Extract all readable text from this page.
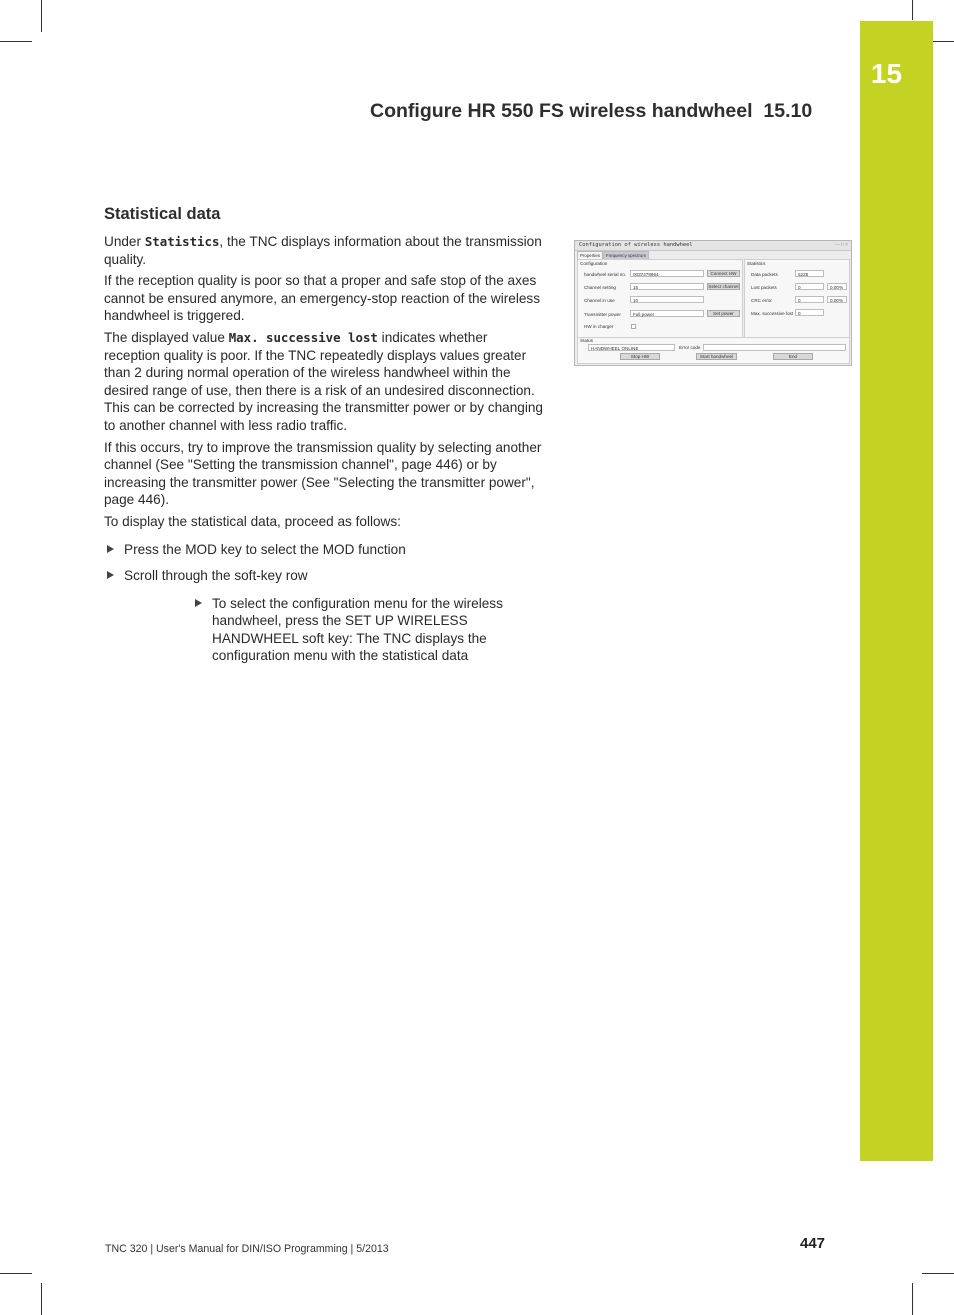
15
Configure HR 550 FS wireless handwheel 15.10
Statistical data

Under Statistics, the TNC displays information about the transmission quality.

If the reception quality is poor so that a proper and safe stop of the axes cannot be ensured anymore, an emergency-stop reaction of the wireless handwheel is triggered.

The displayed value Max. successive lost indicates whether reception quality is poor. If the TNC repeatedly displays values greater than 2 during normal operation of the wireless handwheel within the desired range of use, then there is a risk of an undesired disconnection. This can be corrected by increasing the transmitter power or by changing to another channel with less radio traffic.

If this occurs, try to improve the transmission quality by selecting another channel (See "Setting the transmission channel", page 446) or by increasing the transmitter power (See "Selecting the transmitter power", page 446).

To display the statistical data, proceed as follows:

Press the MOD key to select the MOD function
Scroll through the soft-key row
To select the configuration menu for the wireless handwheel, press the SET UP WIRELESS HANDWHEEL soft key: The TNC displays the configuration menu with the statistical data
Configuration of wireless handwheel	—□×
Properties Frequency spectrum
Configuration
handwheel serial no.	0037478964	Connect HW
Channel setting	16	Select channel
Channel in use	10
Transmitter power	Full power	Set power
HW in charger
Statistics
Data packets	5228
Lost packets	0	0.00%
CRC error	0	0.00%
Max. successive lost	0
Status
HANDWHEEL ONLINE	Error code
Stop HW	Start handwheel	End
TNC 320 | User's Manual for DIN/ISO Programming | 5/2013	447
